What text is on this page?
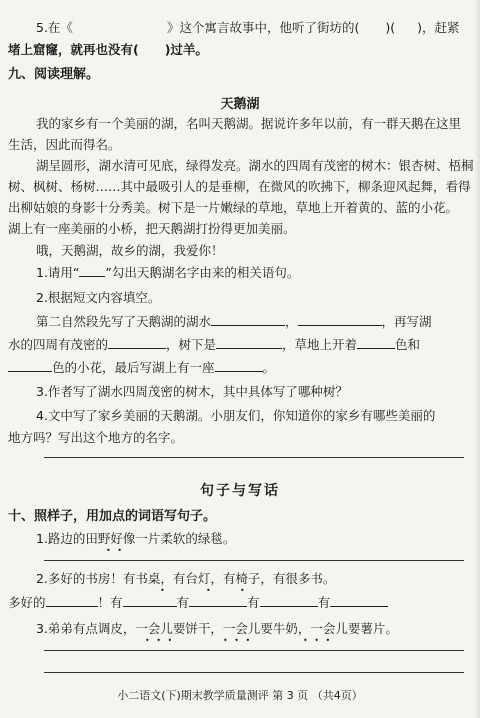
5.在《	》这个寓言故事中，他听了街坊的( )( )，赶紧
堵上窟窿，就再也没有( )过羊。
九、阅读理解。
天鹅湖
我的家乡有一个美丽的湖，名叫天鹅湖。据说许多年以前，有一群天鹅在这里
生活，因此而得名。
湖呈圆形，湖水清可见底，绿得发亮。湖水的四周有茂密的树木：银杏树、梧桐
树、枫树、杨树……其中最吸引人的是垂柳，在微风的吹拂下，柳条迎风起舞，看得
出柳姑娘的身影十分秀美。树下是一片嫩绿的草地，草地上开着黄的、蓝的小花。
湖上有一座美丽的小桥，把天鹅湖打扮得更加美丽。
哦，天鹅湖，故乡的湖，我爱你！
1.请用“ ”勾出天鹅湖名字由来的相关语句。
2.根据短文内容填空。
第二自然段先写了天鹅湖的湖水	，	，再写湖
水的四周有茂密的	，树下是	，草地上开着	色和
色的小花，最后写湖上有一座	。
3.作者写了湖水四周茂密的树木，其中具体写了哪种树？
4.文中写了家乡美丽的天鹅湖。小朋友们，你知道你的家乡有哪些美丽的
地方吗？写出这个地方的名字。
句子与写话
十、照样子，用加点的词语写句子。
1.路边的田野好像一片柔软的绿毯。
• •
2.多好的书房！有书桌，有台灯，有椅子，有很多书。
•	•	•
多好的	！有	有	有	有
3.弟弟有点调皮，一会儿要饼干，一会儿要牛奶，一会儿要薯片。
• • •	• • •	• • •
小二语文(下)期末教学质量测评 第 3 页 （共4页）
